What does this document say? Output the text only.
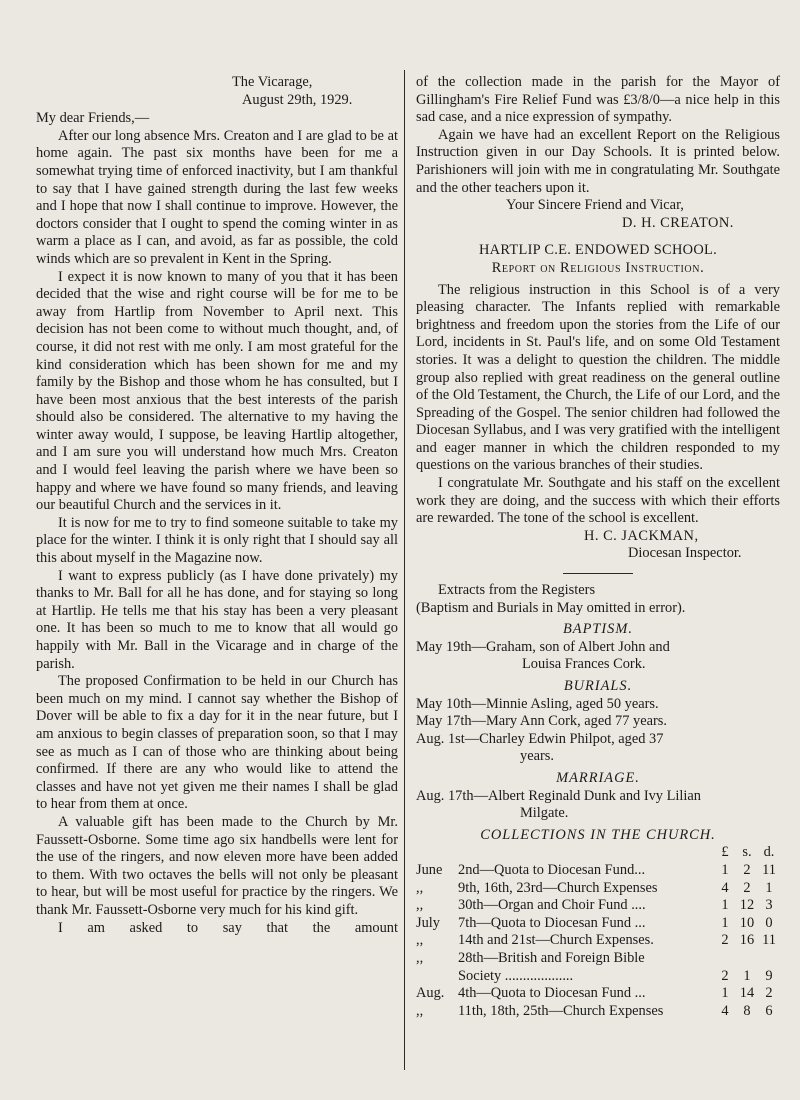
The Vicarage,

August 29th, 1929.

My dear Friends,—

After our long absence Mrs. Creaton and I are glad to be at home again. The past six months have been for me a somewhat trying time of enforced inactivity, but I am thankful to say that I have gained strength during the last few weeks and I hope that now I shall continue to improve. However, the doctors consider that I ought to spend the coming winter in as warm a place as I can, and avoid, as far as possible, the cold winds which are so prevalent in Kent in the Spring.

I expect it is now known to many of you that it has been decided that the wise and right course will be for me to be away from Hartlip from November to April next. This decision has not been come to without much thought, and, of course, it did not rest with me only. I am most grateful for the kind consideration which has been shown for me and my family by the Bishop and those whom he has consulted, but I have been most anxious that the best interests of the parish should also be considered. The alternative to my having the winter away would, I suppose, be leaving Hartlip altogether, and I am sure you will understand how much Mrs. Creaton and I would feel leaving the parish where we have been so happy and where we have found so many friends, and leaving our beautiful Church and the services in it.

It is now for me to try to find someone suitable to take my place for the winter. I think it is only right that I should say all this about myself in the Magazine now.

I want to express publicly (as I have done privately) my thanks to Mr. Ball for all he has done, and for staying so long at Hartlip. He tells me that his stay has been a very pleasant one. It has been so much to me to know that all would go happily with Mr. Ball in the Vicarage and in charge of the parish.

The proposed Confirmation to be held in our Church has been much on my mind. I cannot say whether the Bishop of Dover will be able to fix a day for it in the near future, but I am anxious to begin classes of preparation soon, so that I may see as much as I can of those who are thinking about being confirmed. If there are any who would like to attend the classes and have not yet given me their names I shall be glad to hear from them at once.

A valuable gift has been made to the Church by Mr. Faussett-Osborne. Some time ago six handbells were lent for the use of the ringers, and now eleven more have been added to them. With two octaves the bells will not only be pleasant to hear, but will be most useful for practice by the ringers. We thank Mr. Faussett-Osborne very much for his kind gift.

I am asked to say that the amount

of the collection made in the parish for the Mayor of Gillingham's Fire Relief Fund was £3/8/0—a nice help in this sad case, and a nice expression of sympathy.

Again we have had an excellent Report on the Religious Instruction given in our Day Schools. It is printed below. Parishioners will join with me in congratulating Mr. Southgate and the other teachers upon it.

Your Sincere Friend and Vicar,

D. H. CREATON.

HARTLIP C.E. ENDOWED SCHOOL.

Report on Religious Instruction.

The religious instruction in this School is of a very pleasing character. The Infants replied with remarkable brightness and freedom upon the stories from the Life of our Lord, incidents in St. Paul's life, and on some Old Testament stories. It was a delight to question the children. The middle group also replied with great readiness on the general outline of the Old Testament, the Church, the Life of our Lord, and the Spreading of the Gospel. The senior children had followed the Diocesan Syllabus, and I was very gratified with the intelligent and eager manner in which the children responded to my questions on the various branches of their studies.

I congratulate Mr. Southgate and his staff on the excellent work they are doing, and the success with which their efforts are rewarded. The tone of the school is excellent.

H. C. JACKMAN,

Diocesan Inspector.

Extracts from the Registers

(Baptism and Burials in May omitted in error).

BAPTISM.

May 19th—Graham, son of Albert John and
Louisa Frances Cork.

BURIALS.

May 10th—Minnie Asling, aged 50 years.
May 17th—Mary Ann Cork, aged 77 years.
Aug. 1st—Charley Edwin Philpot, aged 37
years.

MARRIAGE.

Aug. 17th—Albert Reginald Dunk and Ivy Lilian
Milgate.

COLLECTIONS IN THE CHURCH.

		£	s.	d.
June	2nd—Quota to Diocesan Fund...	1	2	11
,,	9th, 16th, 23rd—Church Expenses	4	2	1
,,	30th—Organ and Choir Fund ....	1	12	3
July	7th—Quota to Diocesan Fund ...	1	10	0
,,	14th and 21st—Church Expenses.	2	16	11
,,	28th—British and Foreign Bible			
	Society ...................	2	1	9
Aug.	4th—Quota to Diocesan Fund ...	1	14	2
,,	11th, 18th, 25th—Church Expenses	4	8	6
